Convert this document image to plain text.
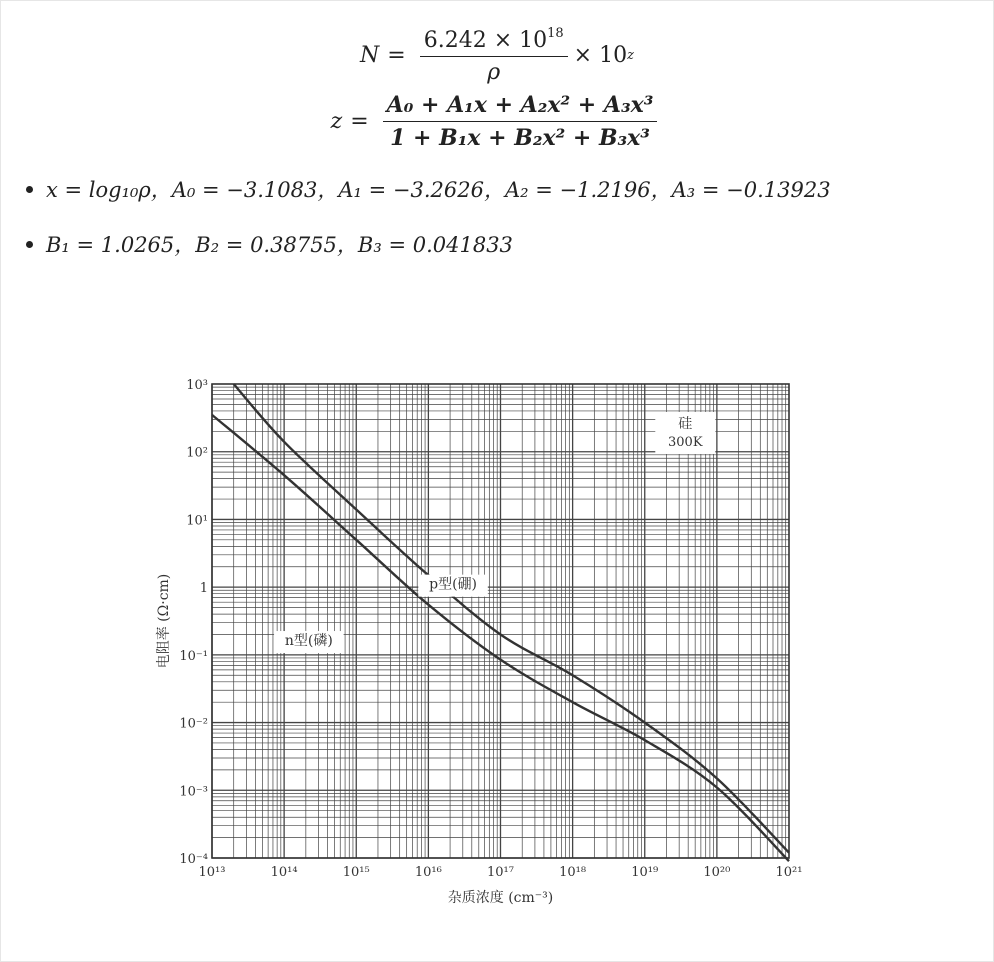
$N = \frac{6.242 \times 10^{18}}{\rho} \times 10$ z
$z = \frac{\text{A₀ + A₁x + A₂x² + A₃x³}}{\text{1 + B₁x + B₂x² + B₃x³}}$
x = log₁₀ρ，A₀ = −3.1083，A₁ = −3.2626，A₂ = −1.2196，A₃ = −0.13923
B₁ = 1.0265，B₂ = 0.38755，B₃ = 0.041833
10¹³	10¹⁴	10¹⁵	10¹⁶	10¹⁷	10¹⁸	10¹⁹	10²⁰	10²¹
10⁻⁴
10⁻³
10⁻²
10⁻¹
1
10¹
10²
10³
杂质浓度 (cm⁻³)
电阻率 (Ω·cm)	p型(硼)
n型(磷)
硅
300K
